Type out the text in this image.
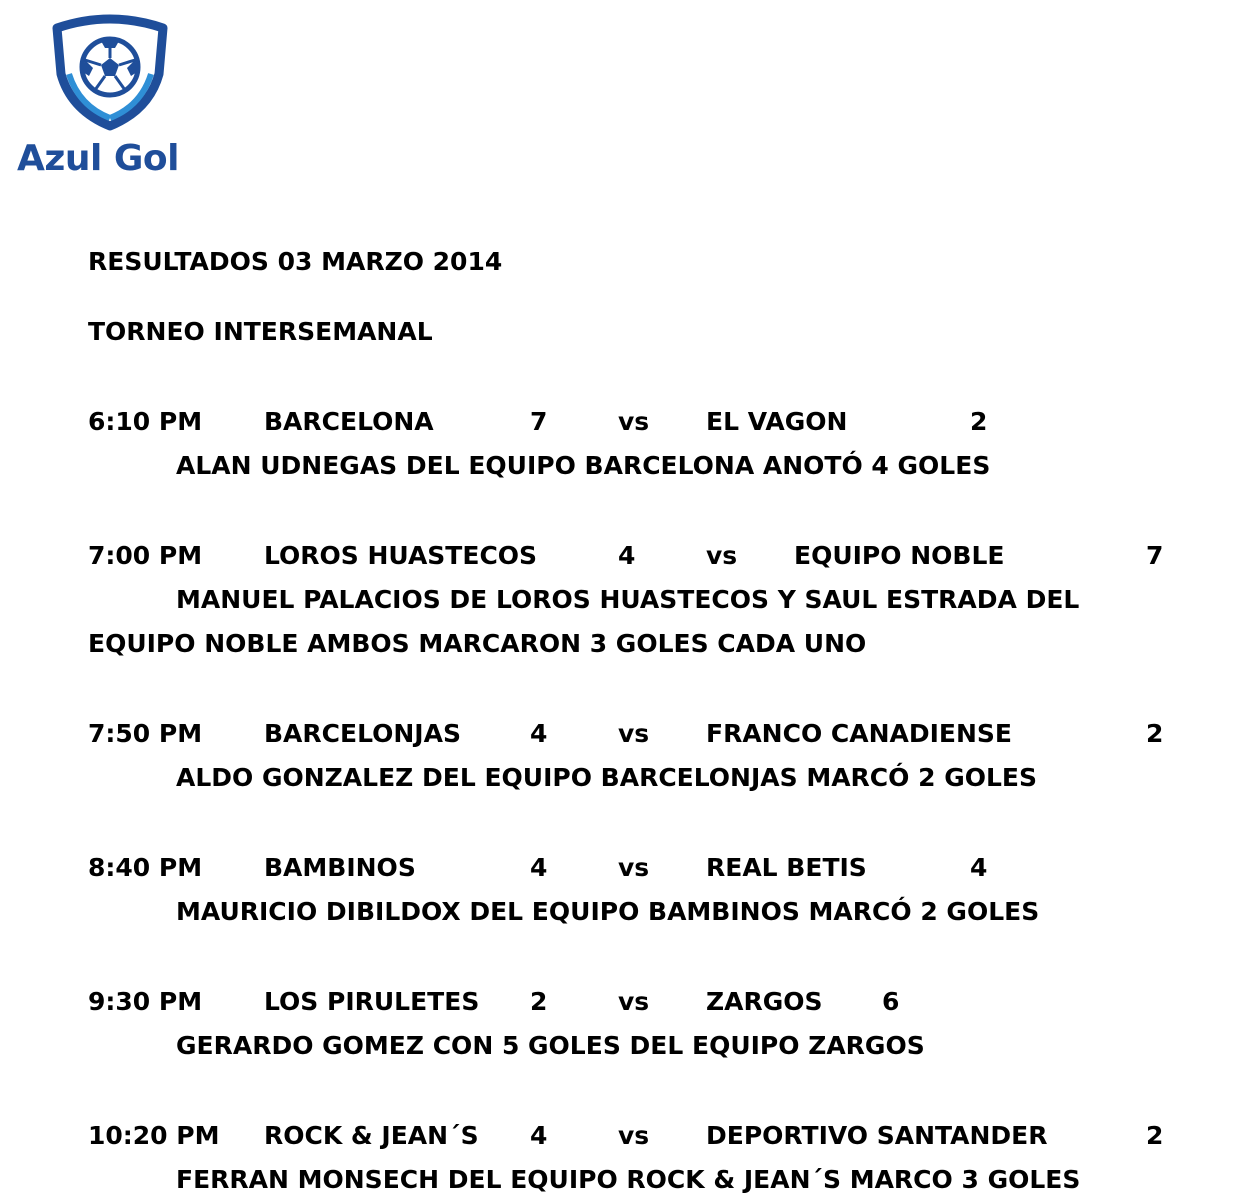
Azul Gol
RESULTADOS 03 MARZO 2014
TORNEO INTERSEMANAL
6:10 PM BARCELONA	7	vs EL VAGON	2
ALAN UDNEGAS DEL EQUIPO BARCELONA ANOTÓ 4 GOLES
7:00 PM LOROS HUASTECOS	4	vs EQUIPO NOBLE	7
MANUEL PALACIOS DE LOROS HUASTECOS Y SAUL ESTRADA DEL
EQUIPO NOBLE AMBOS MARCARON 3 GOLES CADA UNO
7:50 PM BARCELONJAS	4	vs FRANCO CANADIENSE	2
ALDO GONZALEZ DEL EQUIPO BARCELONJAS MARCÓ 2 GOLES
8:40 PM BAMBINOS	4	vs REAL BETIS	4
MAURICIO DIBILDOX DEL EQUIPO BAMBINOS MARCÓ 2 GOLES
9:30 PM LOS PIRULETES 2	vs ZARGOS 6
GERARDO GOMEZ CON 5 GOLES DEL EQUIPO ZARGOS
10:20 PM ROCK & JEAN´S 4	vs DEPORTIVO SANTANDER	2
FERRAN MONSECH DEL EQUIPO ROCK & JEAN´S MARCO 3 GOLES
